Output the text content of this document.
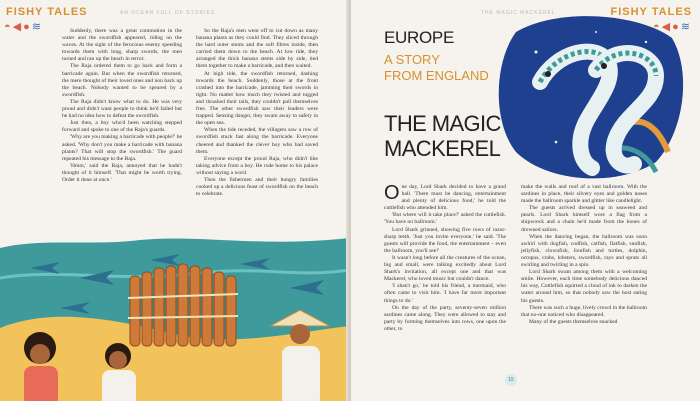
FISHY TALES
◓◀●≋
AN OCEAN FULL OF STORIES

Suddenly, there was a great commotion in the water and the swordfish appeared, riding on the waves. At the sight of the ferocious enemy speeding towards them with long, sharp swords, the men turned and ran up the beach in terror.

The Raja ordered them to go back and form a barricade again. But when the swordfish returned, the mere thought of their loved ones and non back up the beach. Nobody wanted to be speared by a swordfish.

The Raja didn't know what to do. He was very proud and didn't want people to think he'd failed but he had no idea how to defeat the swordfish.

Just then, a boy who'd been watching stepped forward and spoke to one of the Raja's guards.

'Why are you making a barricade with people?' he asked. 'Why don't you make a barricade with banana plants? That will stop the swordfish.' The guard repeated his message to the Raja.

'Hmm,' said the Raja, annoyed that he hadn't thought of it himself. 'That might be worth trying. Order it done at once.'

So the Raja's men went off to cut down as many banana plants as they could find. They sliced through the hard outer stems and the soft fibres inside, then carried them down to the beach. At low tide, they arranged the thick banana stems side by side, tied them together to make a barricade, and then waited.

At high tide, the swordfish returned, dashing towards the beach. Suddenly, those at the front crashed into the barricade, jamming their swords in tight. No matter how much they twisted and tugged and thrashed their tails, they couldn't pull themselves free. The other swordfish saw their leaders were trapped. Sensing danger, they swam away to safety in the open sea.

When the tide receded, the villagers saw a row of swordfish stuck fast along the barricade. Everyone cheered and thanked the clever boy who had saved them.

Everyone except the proud Raja, who didn't like taking advice from a boy. He rode home to his palace without saying a word.

Then the fishermen and their hungry families cooked up a delicious feast of swordfish on the beach to celebrate.

THE MAGIC MACKEREL	FISHY TALES
◓◀●≋
EUROPE
A STORY
FROM ENGLAND
THE MAGIC
MACKEREL

One day, Lord Shark decided to have a grand ball. 'There must be dancing, entertainment and plenty of delicious food,' he told the cuttlefish who attended him.

'But where will it take place?' asked the cuttlefish. 'You have no ballroom.'

Lord Shark grinned, showing five rows of razor-sharp teeth. 'Just you invite everyone,' he said. 'The guests will provide the food, the entertainment – even the ballroom, you'll see!'

It wasn't long before all the creatures of the ocean, big and small, were talking excitedly about Lord Shark's invitation, all except one and that was Mackerel, who loved music but couldn't dance.

'I shan't go,' he told his friend, a mermaid, who often came to visit him. 'I have far more important things to do.'

On the day of the party, seventy-seven million sardines came along. They were allowed to stay and party by forming themselves into rows, one upon the other, to

make the walls and roof of a vast ballroom. With the sardines in place, their silvery eyes and golden noses made the ballroom sparkle and glitter like candlelight.

The guests arrived dressed up in seaweed and pearls. Lord Shark himself wore a flag from a shipwreck and a chain he'd made from the bones of drowned sailors.

When the dancing began, the ballroom was soon awhirl with dogfish, codfish, catfish, flatfish, sunfish, jellyfish, clownfish, lionfish and turtles, dolphin, octopus, crabs, lobsters, swordfish, rays and sprats all swirling and twirling in a spin.

Lord Shark swam among them with a welcoming smile. However, each time somebody delicious danced his way, Cuttlefish squirted a cloud of ink to darken the water around him, so that nobody saw the host eating his guests.

There was such a huge, lively crowd in the ballroom that no-one noticed who disappeared.

Many of the guests themselves snacked

15
